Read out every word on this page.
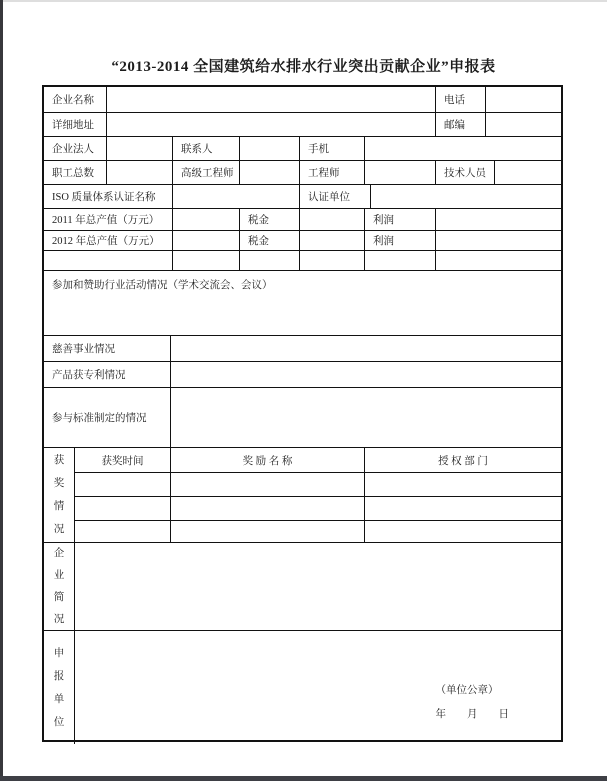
“2013-2014 全国建筑给水排水行业突出贡献企业”申报表
企业名称	电话
详细地址	邮编
企业法人	联系人	手机
职工总数	高级工程师	工程师	技术人员
ISO 质量体系认证名称	认证单位
2011 年总产值（万元）	税金	利润
2012 年总产值（万元）	税金	利润
参加和赞助行业活动情况（学术交流会、会议）
慈善事业情况
产品获专利情况
参与标准制定的情况
获奖情况
获奖时间	奖 励 名 称	授 权 部 门
企业简况
申报单位
（单位公章）
年　　月　　日
